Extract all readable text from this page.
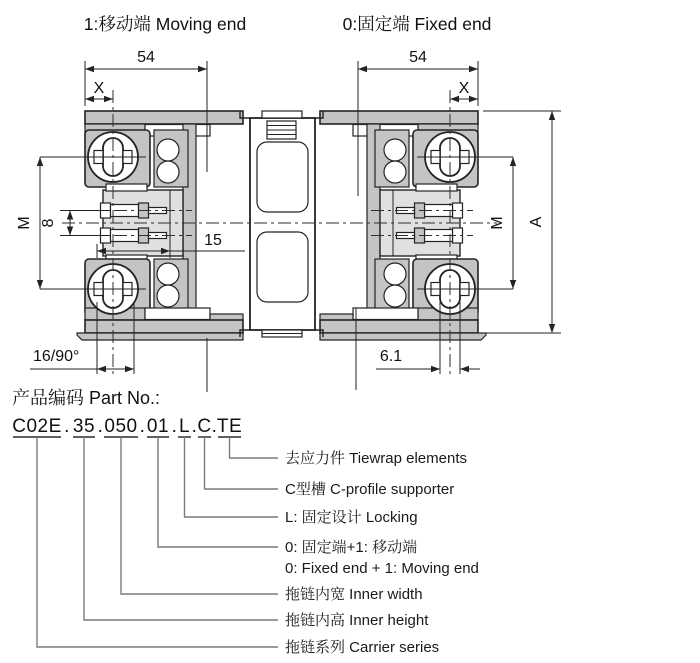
54	54
X	X
M 8
15
16/90°	6.1
A
M
1:移动端 Moving end	0:固定端 Fixed end
产品编码 Part No.:
C02E . 35 . 050 . 01 . L . C . TE
去应力件 Tiewrap elements
C型槽 C-profile supporter
L: 固定设计 Locking
0: 固定端+1: 移动端
0: Fixed end + 1: Moving end
拖链内宽 Inner width
拖链内高 Inner height
拖链系列 Carrier series
